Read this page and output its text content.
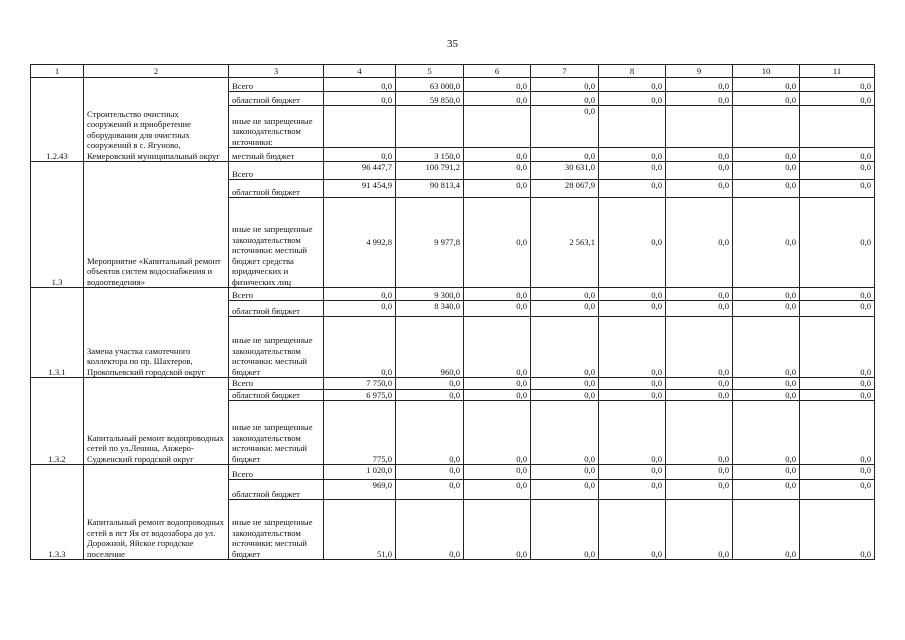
35
1	2	3	4	5	6	7	8	9	10	11
1.2.43	Строительство очистных сооружений и приобретение оборудования для очистных сооружений в с. Ягуново, Кемеровский муниципальный округ	Всего	0,0	63 000,0	0,0	0,0	0,0	0,0	0,0	0,0
		областной бюджет	0,0	59 850,0	0,0	0,0	0,0	0,0	0,0	0,0
		иные не запрещенные законодательством источники:				0,0				
		местный бюджет	0,0	3 150,0	0,0	0,0	0,0	0,0	0,0	0,0
1.3	Мероприятие «Капитальный ремонт объектов систем водоснабжения и водоотведения»	Всего	96 447,7	100 791,2	0,0	30 631,0	0,0	0,0	0,0	0,0
		областной бюджет	91 454,9	90 813,4	0,0	28 067,9	0,0	0,0	0,0	0,0
		иные не запрещенные законодательством источники: местный бюджет средства юридических и физических лиц	4 992,8	9 977,8	0,0	2 563,1	0,0	0,0	0,0	0,0
1.3.1	Замена участка самотечного коллектора по пр. Шахтеров, Прокопьевский городской округ	Всего	0,0	9 300,0	0,0	0,0	0,0	0,0	0,0	0,0
		областной бюджет	0,0	8 340,0	0,0	0,0	0,0	0,0	0,0	0,0
		иные не запрещенные законодательством источники: местный бюджет	0,0	960,0	0,0	0,0	0,0	0,0	0,0	0,0
1.3.2	Капитальный ремонт водопроводных сетей по ул.Ленина, Анжеро-Судженский городской округ	Всего	7 750,0	0,0	0,0	0,0	0,0	0,0	0,0	0,0
		областной бюджет	6 975,0	0,0	0,0	0,0	0,0	0,0	0,0	0,0
		иные не запрещенные законодательством источники: местный бюджет	775,0	0,0	0,0	0,0	0,0	0,0	0,0	0,0
1.3.3	Капитальный ремонт водопроводных сетей в пгт Яя от водозабора до ул. Дорожной, Яйское городское поселение	Всего	1 020,0	0,0	0,0	0,0	0,0	0,0	0,0	0,0
		областной бюджет	969,0	0,0	0,0	0,0	0,0	0,0	0,0	0,0
		иные не запрещенные законодательством источники: местный бюджет	51,0	0,0	0,0	0,0	0,0	0,0	0,0	0,0
